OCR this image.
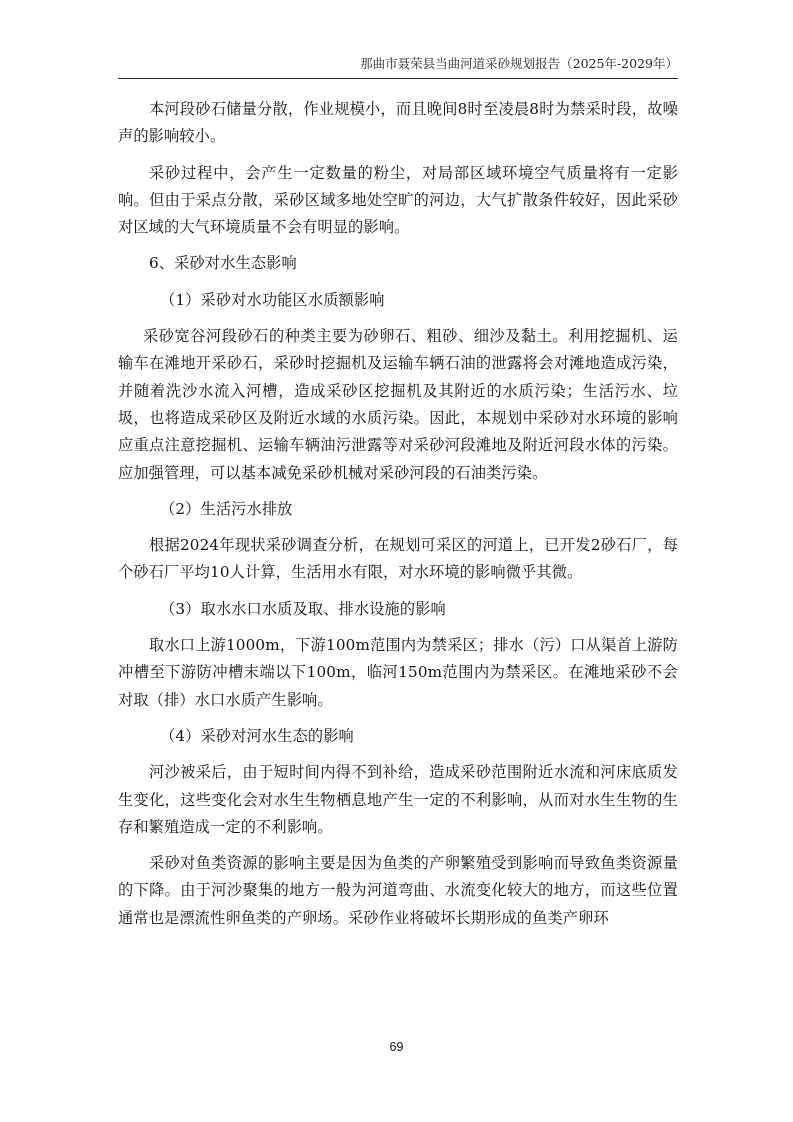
那曲市聂荣县当曲河道采砂规划报告（2025年-2029年）

本河段砂石储量分散，作业规模小，而且晚间8时至凌晨8时为禁采时段，故噪声的影响较小。

采砂过程中，会产生一定数量的粉尘，对局部区域环境空气质量将有一定影响。但由于采点分散，采砂区域多地处空旷的河边，大气扩散条件较好，因此采砂对区域的大气环境质量不会有明显的影响。

6、采砂对水生态影响

（1）采砂对水功能区水质额影响

采砂宽谷河段砂石的种类主要为砂卵石、粗砂、细沙及黏土。利用挖掘机、运输车在滩地开采砂石，采砂时挖掘机及运输车辆石油的泄露将会对滩地造成污染，并随着洗沙水流入河槽，造成采砂区挖掘机及其附近的水质污染；生活污水、垃圾，也将造成采砂区及附近水域的水质污染。因此，本规划中采砂对水环境的影响应重点注意挖掘机、运输车辆油污泄露等对采砂河段滩地及附近河段水体的污染。应加强管理，可以基本减免采砂机械对采砂河段的石油类污染。

（2）生活污水排放

根据2024年现状采砂调查分析，在规划可采区的河道上，已开发2砂石厂，每个砂石厂平均10人计算，生活用水有限，对水环境的影响微乎其微。

（3）取水水口水质及取、排水设施的影响

取水口上游1000m，下游100m范围内为禁采区；排水（污）口从渠首上游防冲槽至下游防冲槽末端以下100m，临河150m范围内为禁采区。在滩地采砂不会对取（排）水口水质产生影响。

（4）采砂对河水生态的影响

河沙被采后，由于短时间内得不到补给，造成采砂范围附近水流和河床底质发生变化，这些变化会对水生生物栖息地产生一定的不利影响，从而对水生生物的生存和繁殖造成一定的不利影响。

采砂对鱼类资源的影响主要是因为鱼类的产卵繁殖受到影响而导致鱼类资源量的下降。由于河沙聚集的地方一般为河道弯曲、水流变化较大的地方，而这些位置通常也是漂流性卵鱼类的产卵场。采砂作业将破坏长期形成的鱼类产卵环

69
